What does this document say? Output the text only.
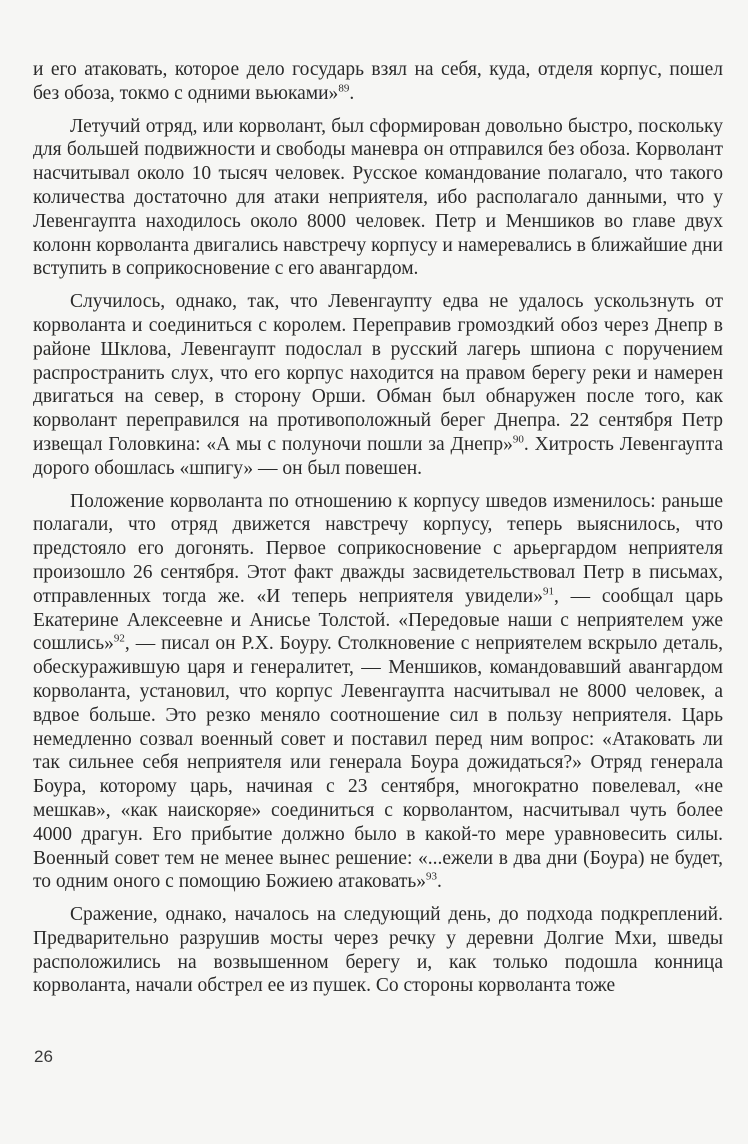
и его атаковать, которое дело государь взял на себя, куда, отделя корпус, пошел без обоза, токмо с одними вьюками»$^{89}$.

Летучий отряд, или корволант, был сформирован довольно быстро, поскольку для большей подвижности и свободы маневра он отправился без обоза. Корволант насчитывал около 10 тысяч человек. Русское командование полагало, что такого количества достаточно для атаки неприятеля, ибо располагало данными, что у Левенгаупта находилось около 8000 человек. Петр и Меншиков во главе двух колонн корволанта двигались навстречу корпусу и намеревались в ближайшие дни вступить в соприкосновение с его авангардом.

Случилось, однако, так, что Левенгаупту едва не удалось ускользнуть от корволанта и соединиться с королем. Переправив громоздкий обоз через Днепр в районе Шклова, Левенгаупт подослал в русский лагерь шпиона с поручением распространить слух, что его корпус находится на правом берегу реки и намерен двигаться на север, в сторону Орши. Обман был обнаружен после того, как корволант переправился на противоположный берег Днепра. 22 сентября Петр извещал Головкина: «А мы с полуночи пошли за Днепр»$^{90}$. Хитрость Левенгаупта дорого обошлась «шпигу» — он был повешен.

Положение корволанта по отношению к корпусу шведов изменилось: раньше полагали, что отряд движется навстречу корпусу, теперь выяснилось, что предстояло его догонять. Первое соприкосновение с арьергардом неприятеля произошло 26 сентября. Этот факт дважды засвидетельствовал Петр в письмах, отправленных тогда же. «И теперь неприятеля увидели»$^{91}$, — сообщал царь Екатерине Алексеевне и Анисье Толстой. «Передовые наши с неприятелем уже сошлись»$^{92}$, — писал он Р.Х. Боуру. Столкновение с неприятелем вскрыло деталь, обескуражившую царя и генералитет, — Меншиков, командовавший авангардом корволанта, установил, что корпус Левенгаупта насчитывал не 8000 человек, а вдвое больше. Это резко меняло соотношение сил в пользу неприятеля. Царь немедленно созвал военный совет и поставил перед ним вопрос: «Атаковать ли так сильнее себя неприятеля или генерала Боура дожидаться?» Отряд генерала Боура, которому царь, начиная с 23 сентября, многократно повелевал, «не мешкав», «как наискоряе» соединиться с корволантом, насчитывал чуть более 4000 драгун. Его прибытие должно было в какой-то мере уравновесить силы. Военный совет тем не менее вынес решение: «...ежели в два дни (Боура) не будет, то одним оного с помощию Божиею атаковать»$^{93}$.

Сражение, однако, началось на следующий день, до подхода подкреплений. Предварительно разрушив мосты через речку у деревни Долгие Мхи, шведы расположились на возвышенном берегу и, как только подошла конница корволанта, начали обстрел ее из пушек. Со стороны корволанта тоже

26
